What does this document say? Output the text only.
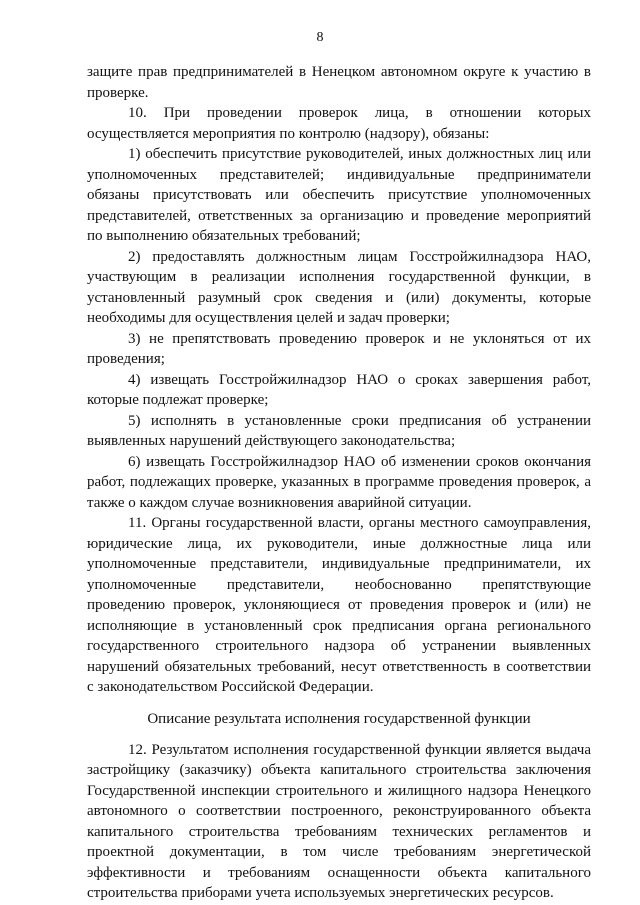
8
защите прав предпринимателей в Ненецком автономном округе к участию в
проверке.
10. При проведении проверок лица, в отношении которых
осуществляется мероприятия по контролю (надзору), обязаны:
1) обеспечить присутствие руководителей, иных должностных лиц или
уполномоченных представителей; индивидуальные предприниматели
обязаны присутствовать или обеспечить присутствие уполномоченных
представителей, ответственных за организацию и проведение мероприятий
по выполнению обязательных требований;
2) предоставлять должностным лицам Госстройжилнадзора НАО,
участвующим в реализации исполнения государственной функции, в
установленный разумный срок сведения и (или) документы, которые
необходимы для осуществления целей и задач проверки;
3) не препятствовать проведению проверок и не уклоняться от их
проведения;
4) извещать Госстройжилнадзор НАО о сроках завершения работ,
которые подлежат проверке;
5) исполнять в установленные сроки предписания об устранении
выявленных нарушений действующего законодательства;
6) извещать Госстройжилнадзор НАО об изменении сроков окончания
работ, подлежащих проверке, указанных в программе проведения проверок, а
также о каждом случае возникновения аварийной ситуации.
11. Органы государственной власти, органы местного самоуправления,
юридические лица, их руководители, иные должностные лица или
уполномоченные представители, индивидуальные предприниматели, их
уполномоченные представители, необоснованно препятствующие
проведению проверок, уклоняющиеся от проведения проверок и (или) не
исполняющие в установленный срок предписания органа регионального
государственного строительного надзора об устранении выявленных
нарушений обязательных требований, несут ответственность в соответствии
с законодательством Российской Федерации.
Описание результата исполнения государственной функции
12. Результатом исполнения государственной функции является выдача
застройщику (заказчику) объекта капитального строительства заключения
Государственной инспекции строительного и жилищного надзора Ненецкого
автономного о соответствии построенного, реконструированного объекта
капитального строительства требованиям технических регламентов и
проектной документации, в том числе требованиям энергетической
эффективности и требованиям оснащенности объекта капитального
строительства приборами учета используемых энергетических ресурсов.
